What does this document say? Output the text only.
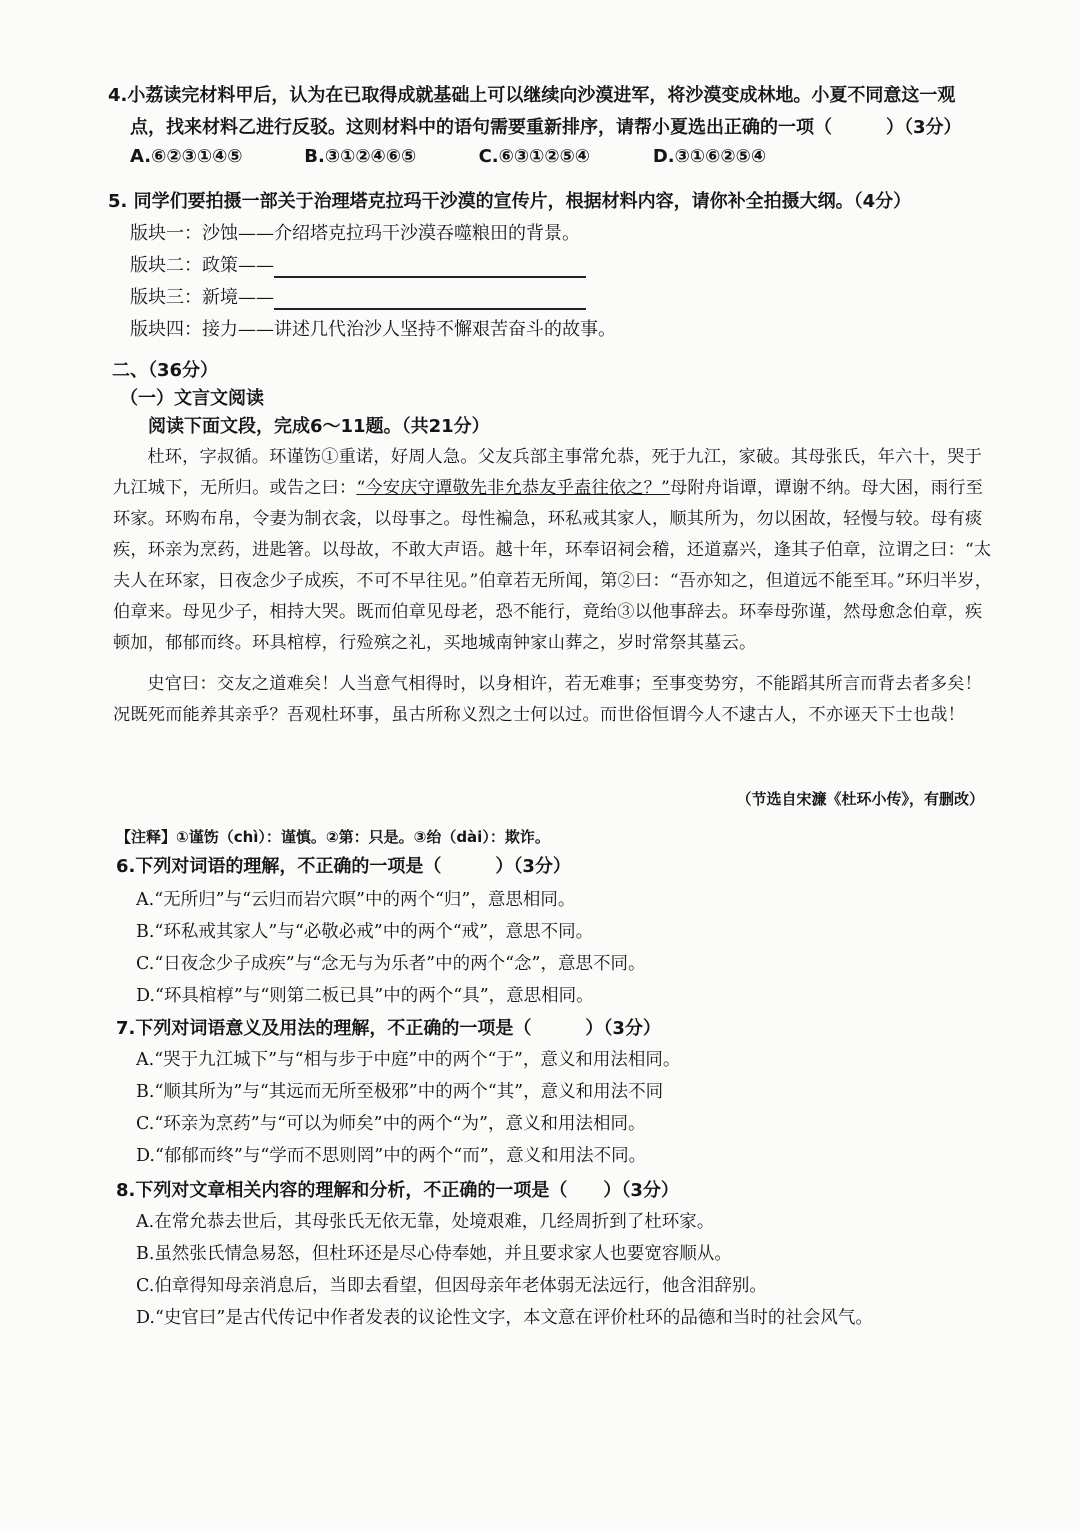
4.小荔读完材料甲后，认为在已取得成就基础上可以继续向沙漠进军，将沙漠变成林地。小夏不同意这一观
点，找来材料乙进行反驳。这则材料中的语句需要重新排序，请帮小夏选出正确的一项（　　　）（3分）
A.⑥②③①④⑤	B.③①②④⑥⑤	C.⑥③①②⑤④	D.③①⑥②⑤④
5. 同学们要拍摄一部关于治理塔克拉玛干沙漠的宣传片，根据材料内容，请你补全拍摄大纲。（4分）
版块一：沙蚀——介绍塔克拉玛干沙漠吞噬粮田的背景。
版块二：政策——
版块三：新境——
版块四：接力——讲述几代治沙人坚持不懈艰苦奋斗的故事。
二、（36分）
（一）文言文阅读
阅读下面文段，完成6～11题。（共21分）

杜环，字叔循。环谨饬①重诺，好周人急。父友兵部主事常允恭，死于九江，家破。其母张氏，年六十，哭于九江城下，无所归。或告之曰：“今安庆守谭敬先非允恭友乎盍往依之？”母附舟诣谭，谭谢不纳。母大困，雨行至环家。环购布帛，令妻为制衣衾，以母事之。母性褊急，环私戒其家人，顺其所为，勿以困故，轻慢与较。母有痰疾，环亲为烹药，进匙箸。以母故，不敢大声语。越十年，环奉诏祠会稽，还道嘉兴，逢其子伯章，泣谓之曰：“太夫人在环家，日夜念少子成疾，不可不早往见。”伯章若无所闻，第②曰：“吾亦知之，但道远不能至耳。”环归半岁，伯章来。母见少子，相持大哭。既而伯章见母老，恐不能行，竟绐③以他事辞去。环奉母弥谨，然母愈念伯章，疾顿加，郁郁而终。环具棺椁，行殓殡之礼，买地城南钟家山葬之，岁时常祭其墓云。

史官曰：交友之道难矣！人当意气相得时，以身相许，若无难事；至事变势穷，不能蹈其所言而背去者多矣！况既死而能养其亲乎？吾观杜环事，虽古所称义烈之士何以过。而世俗恒谓今人不逮古人，不亦诬天下士也哉！

（节选自宋濂《杜环小传》，有删改）
【注释】①谨饬（chì）：谨慎。②第：只是。③绐（dài）：欺诈。
6.下列对词语的理解，不正确的一项是（　　　）（3分）
A.“无所归”与“云归而岩穴暝”中的两个“归”，意思相同。
B.“环私戒其家人”与“必敬必戒”中的两个“戒”，意思不同。
C.“日夜念少子成疾”与“念无与为乐者”中的两个“念”，意思不同。
D.“环具棺椁”与“则第二板已具”中的两个“具”，意思相同。
7.下列对词语意义及用法的理解，不正确的一项是（　　　）（3分）
A.“哭于九江城下”与“相与步于中庭”中的两个“于”，意义和用法相同。
B.“顺其所为”与“其远而无所至极邪”中的两个“其”，意义和用法不同
C.“环亲为烹药”与“可以为师矣”中的两个“为”，意义和用法相同。
D.“郁郁而终”与“学而不思则罔”中的两个“而”，意义和用法不同。
8.下列对文章相关内容的理解和分析，不正确的一项是（　　）（3分）
A.在常允恭去世后，其母张氏无依无靠，处境艰难，几经周折到了杜环家。
B.虽然张氏情急易怒，但杜环还是尽心侍奉她，并且要求家人也要宽容顺从。
C.伯章得知母亲消息后，当即去看望，但因母亲年老体弱无法远行，他含泪辞别。
D.“史官曰”是古代传记中作者发表的议论性文字，本文意在评价杜环的品德和当时的社会风气。
